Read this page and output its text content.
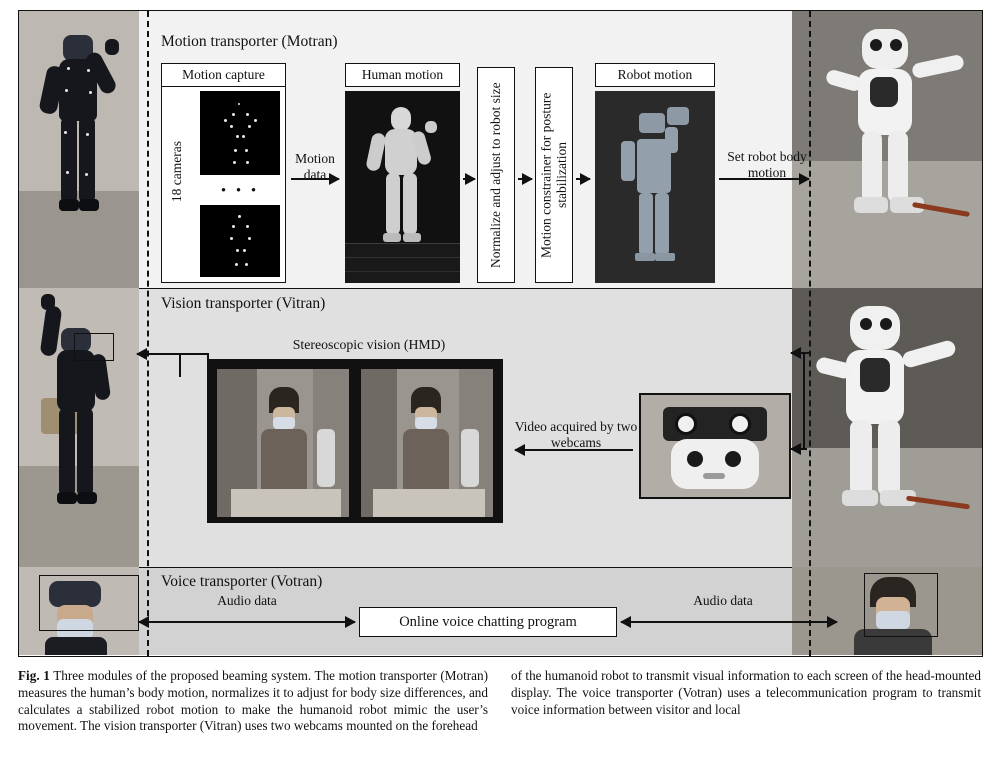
Motion transporter (Motran)
Vision transporter (Vitran)
Voice transporter (Votran)
Motion capture
• • •
18 cameras	Motion data
Human motion
Normalize and adjust to robot size	Motion constrainer for posture stabilization
Robot motion
Set robot body motion
Stereoscopic vision (HMD)
Video acquired by two webcams
Online voice chatting program
Audio data	Audio data
Fig. 1 Three modules of the proposed beaming system. The motion transporter (Motran) measures the human’s body motion, normalizes it to adjust for body size differences, and calculates a stabilized robot motion to make the humanoid robot mimic the user’s movement. The vision transporter (Vitran) uses two webcams mounted on the forehead
of the humanoid robot to transmit visual information to each screen of the head-mounted display. The voice transporter (Votran) uses a telecommunication program to transmit voice information between visitor and local
